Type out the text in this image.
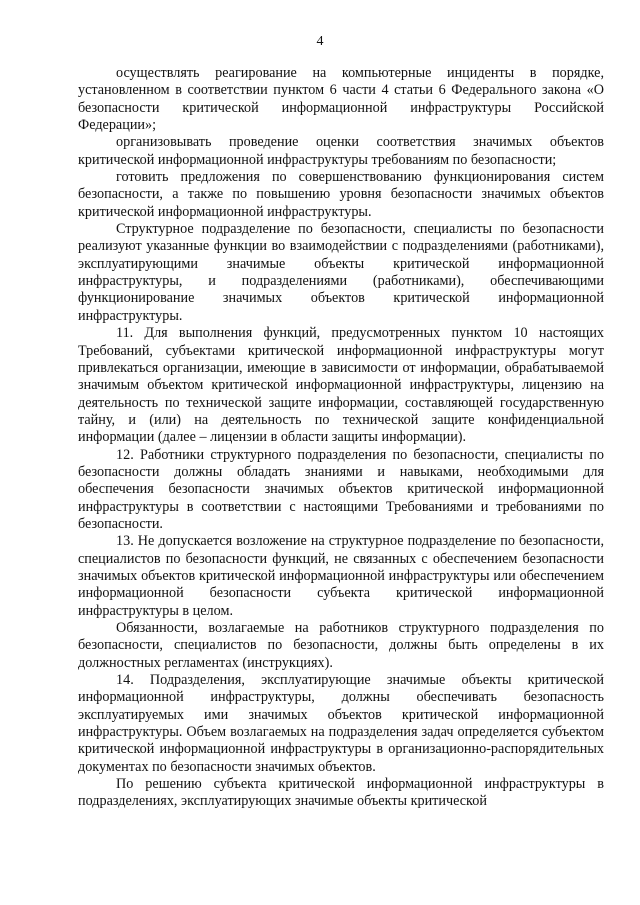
4

осуществлять реагирование на компьютерные инциденты в порядке, установленном в соответствии пунктом 6 части 4 статьи 6 Федерального закона «О безопасности критической информационной инфраструктуры Российской Федерации»;

организовывать проведение оценки соответствия значимых объектов критической информационной инфраструктуры требованиям по безопасности;

готовить предложения по совершенствованию функционирования систем безопасности, а также по повышению уровня безопасности значимых объектов критической информационной инфраструктуры.

Структурное подразделение по безопасности, специалисты по безопасности реализуют указанные функции во взаимодействии с подразделениями (работниками), эксплуатирующими значимые объекты критической информационной инфраструктуры, и подразделениями (работниками), обеспечивающими функционирование значимых объектов критической информационной инфраструктуры.

11. Для выполнения функций, предусмотренных пунктом 10 настоящих Требований, субъектами критической информационной инфраструктуры могут привлекаться организации, имеющие в зависимости от информации, обрабатываемой значимым объектом критической информационной инфраструктуры, лицензию на деятельность по технической защите информации, составляющей государственную тайну, и (или) на деятельность по технической защите конфиденциальной информации (далее – лицензии в области защиты информации).

12. Работники структурного подразделения по безопасности, специалисты по безопасности должны обладать знаниями и навыками, необходимыми для обеспечения безопасности значимых объектов критической информационной инфраструктуры в соответствии с настоящими Требованиями и требованиями по безопасности.

13. Не допускается возложение на структурное подразделение по безопасности, специалистов по безопасности функций, не связанных с обеспечением безопасности значимых объектов критической информационной инфраструктуры или обеспечением информационной безопасности субъекта критической информационной инфраструктуры в целом.

Обязанности, возлагаемые на работников структурного подразделения по безопасности, специалистов по безопасности, должны быть определены в их должностных регламентах (инструкциях).

14. Подразделения, эксплуатирующие значимые объекты критической информационной инфраструктуры, должны обеспечивать безопасность эксплуатируемых ими значимых объектов критической информационной инфраструктуры. Объем возлагаемых на подразделения задач определяется субъектом критической информационной инфраструктуры в организационно-распорядительных документах по безопасности значимых объектов.

По решению субъекта критической информационной инфраструктуры в подразделениях, эксплуатирующих значимые объекты критической
